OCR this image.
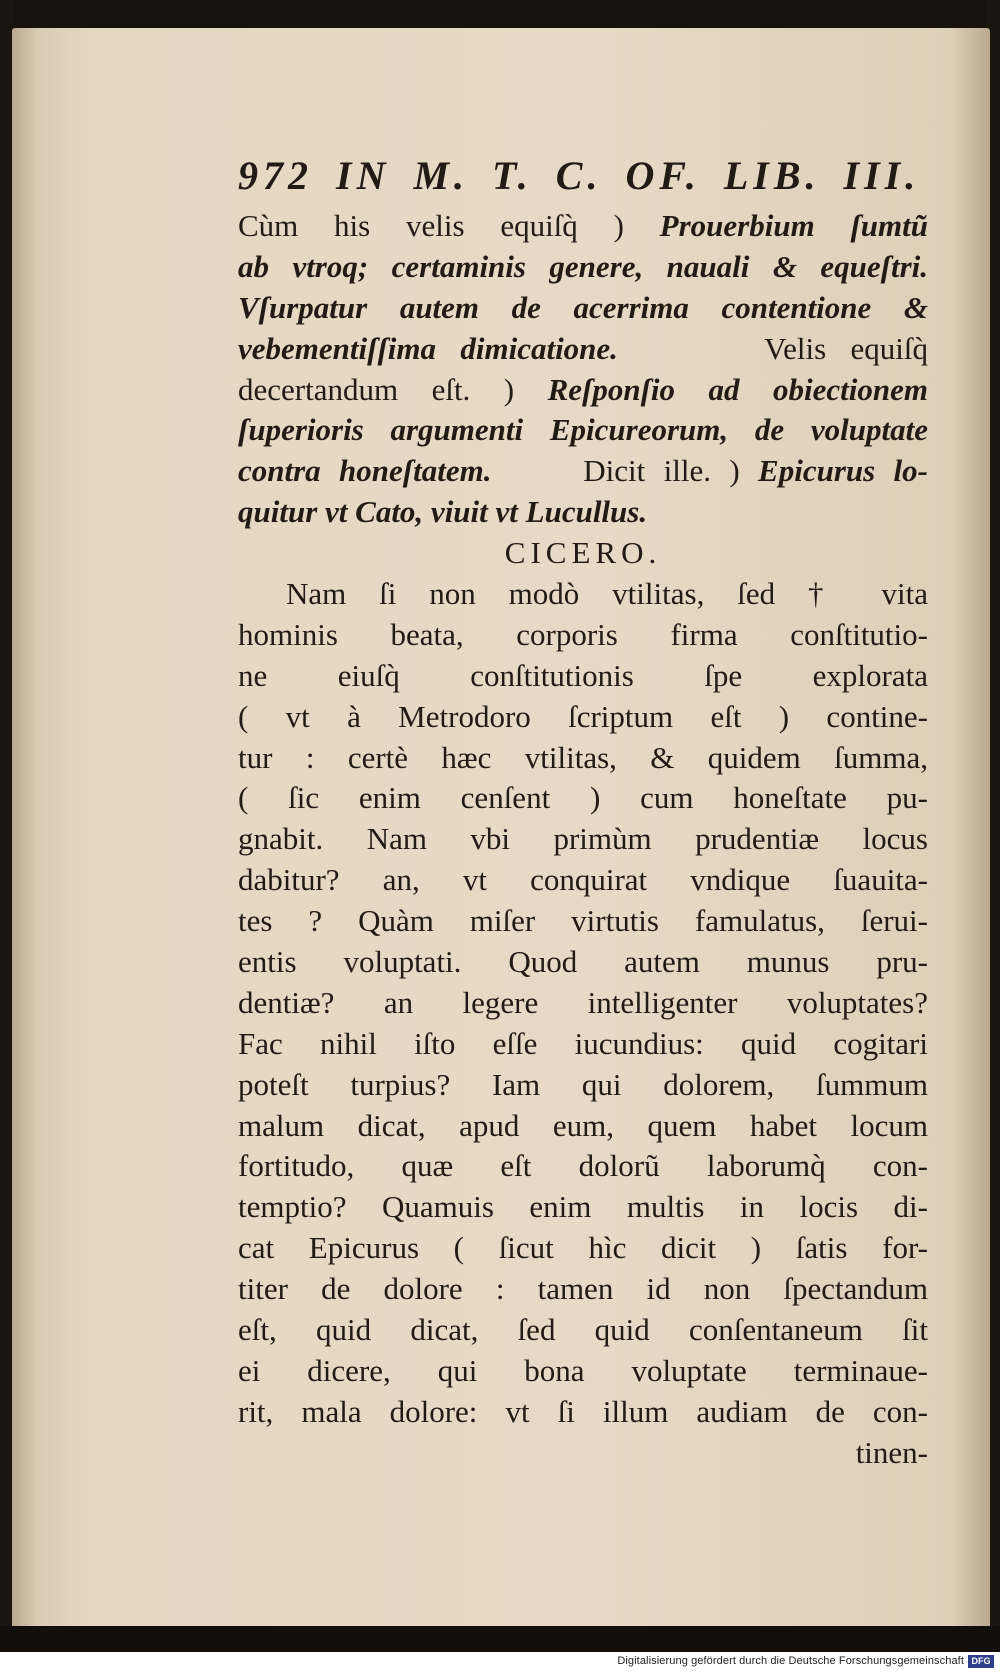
972 IN M. T. C. OF. LIB. III.
Cùm his velis equiſq̀ ) Prouerbium ſumtũ
ab vtroq; certaminis genere, nauali & equeſtri.
Vſurpatur autem de acerrima contentione &
vebementiſſima dimicatione.	Velis equiſq̀
decertandum eſt. ) Reſponſio ad obiectionem
ſuperioris argumenti Epicureorum, de voluptate
contra honeſtatem.	Dicit ille. ) Epicurus lo-
quitur vt Cato, viuit vt Lucullus.
CICERO.
Nam ſi non modò vtilitas, ſed † vita
hominis beata, corporis firma conſtitutio-
ne eiuſq̀ conſtitutionis ſpe explorata
( vt à Metrodoro ſcriptum eſt ) contine-
tur : certè hæc vtilitas, & quidem ſumma,
( ſic enim cenſent ) cum honeſtate pu-
gnabit. Nam vbi primùm prudentiæ locus
dabitur? an, vt conquirat vndique ſuauita-
tes ? Quàm miſer virtutis famulatus, ſerui-
entis voluptati. Quod autem munus pru-
dentiæ? an legere intelligenter voluptates?
Fac nihil iſto eſſe iucundius: quid cogitari
poteſt turpius? Iam qui dolorem, ſummum
malum dicat, apud eum, quem habet locum
fortitudo, quæ eſt dolorũ laborumq̀ con-
temptio? Quamuis enim multis in locis di-
cat Epicurus ( ſicut hìc dicit ) ſatis for-
titer de dolore : tamen id non ſpectandum
eſt, quid dicat, ſed quid conſentaneum ſit
ei dicere, qui bona voluptate terminaue-
rit, mala dolore: vt ſi illum audiam de con-
tinen-
Digitalisierung gefördert durch die Deutsche Forschungsgemeinschaft DFG
